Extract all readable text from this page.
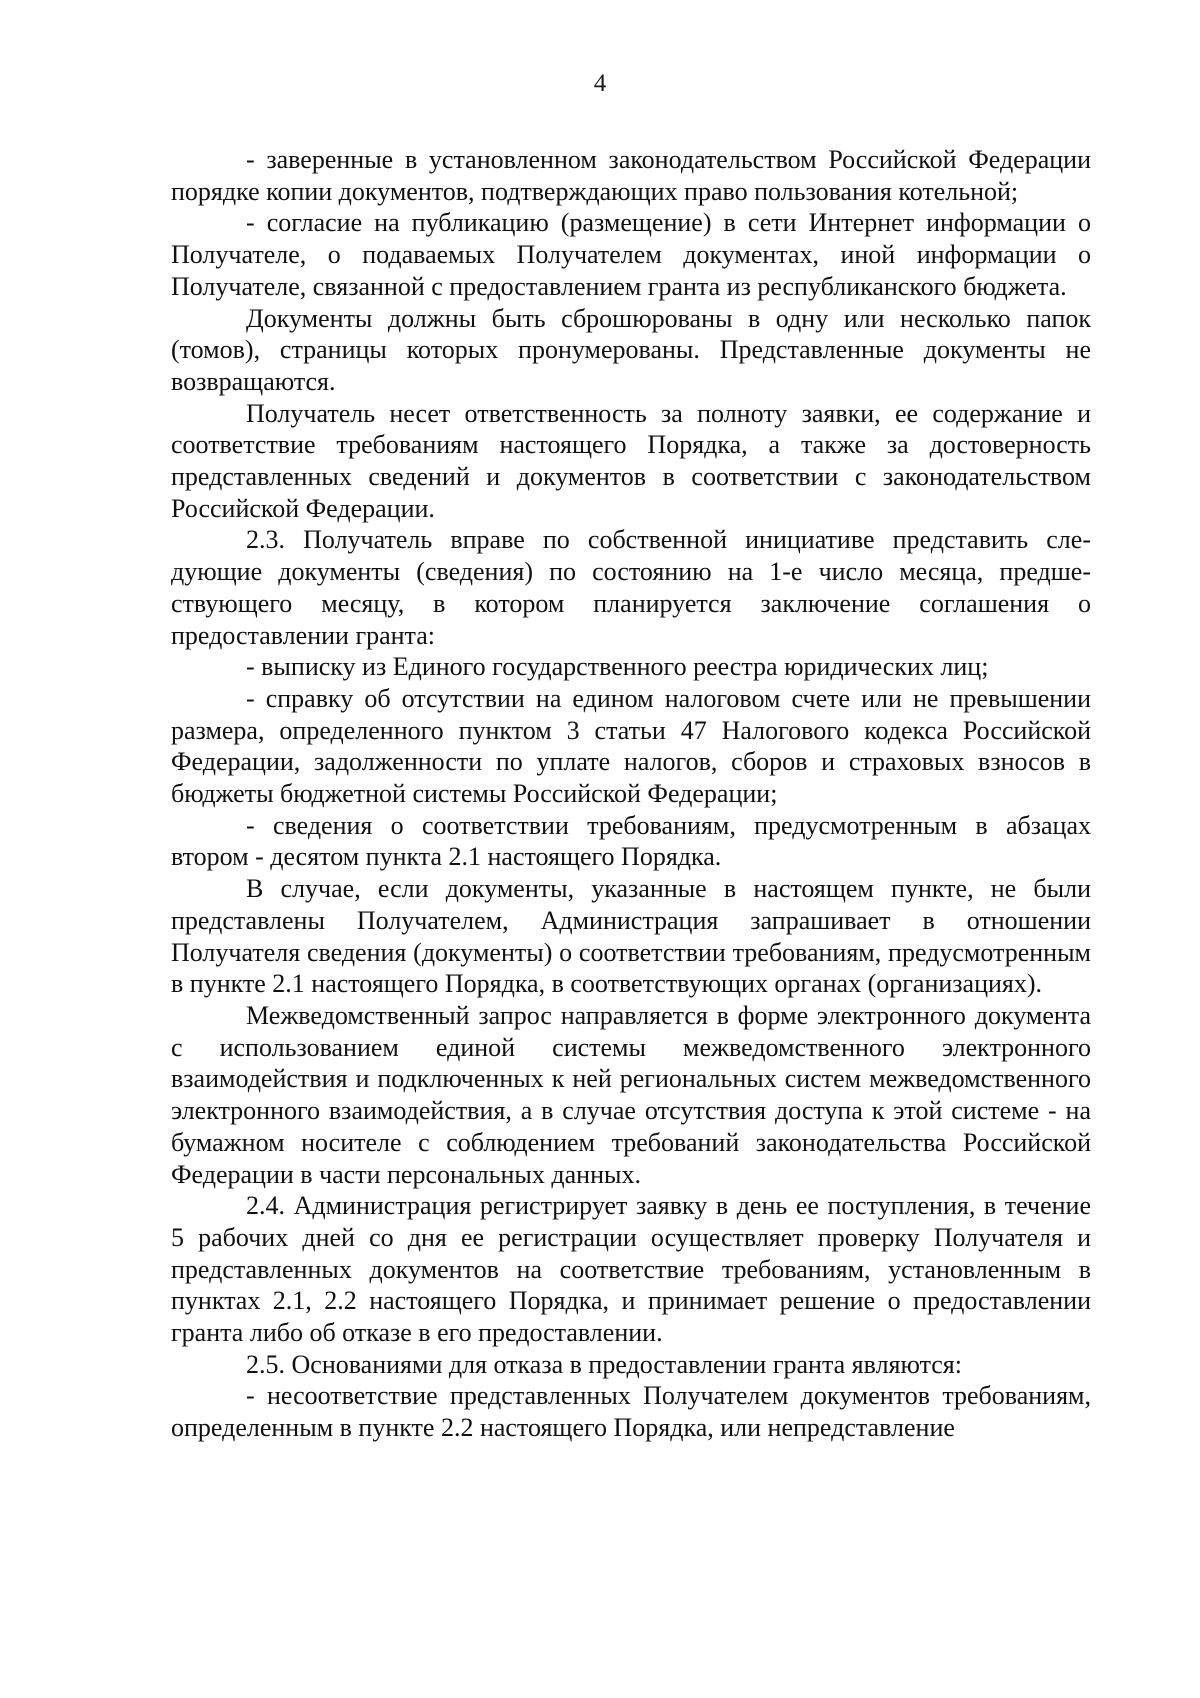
4

- заверенные в установленном законодательством Российской Федерации порядке копии документов, подтверждающих право пользования котельной;

- согласие на публикацию (размещение) в сети Интернет информации о Получателе, о подаваемых Получателем документах, иной информации о Получателе, связанной с предоставлением гранта из республиканского бюджета.

Документы должны быть сброшюрованы в одну или несколько папок (томов), страницы которых пронумерованы. Представленные документы не возвращаются.

Получатель несет ответственность за полноту заявки, ее содержание и соответствие требованиям настоящего Порядка, а также за достоверность представленных сведений и документов в соответствии с законодательством Российской Федерации.

2.3. Получатель вправе по собственной инициативе представить следующие документы (сведения) по состоянию на 1-е число месяца, предшествующего месяцу, в котором планируется заключение соглашения о предоставлении гранта:

- выписку из Единого государственного реестра юридических лиц;

- справку об отсутствии на едином налоговом счете или не превышении размера, определенного пунктом 3 статьи 47 Налогового кодекса Российской Федерации, задолженности по уплате налогов, сборов и страховых взносов в бюджеты бюджетной системы Российской Федерации;

- сведения о соответствии требованиям, предусмотренным в абзацах втором - десятом пункта 2.1 настоящего Порядка.

В случае, если документы, указанные в настоящем пункте, не были представлены Получателем, Администрация запрашивает в отношении Получателя сведения (документы) о соответствии требованиям, предусмотренным в пункте 2.1 настоящего Порядка, в соответствующих органах (организациях).

Межведомственный запрос направляется в форме электронного документа с использованием единой системы межведомственного электронного взаимодействия и подключенных к ней региональных систем межведомственного электронного взаимодействия, а в случае отсутствия доступа к этой системе - на бумажном носителе с соблюдением требований законодательства Российской Федерации в части персональных данных.

2.4. Администрация регистрирует заявку в день ее поступления, в течение 5 рабочих дней со дня ее регистрации осуществляет проверку Получателя и представленных документов на соответствие требованиям, установленным в пунктах 2.1, 2.2 настоящего Порядка, и принимает решение о предоставлении гранта либо об отказе в его предоставлении.

2.5. Основаниями для отказа в предоставлении гранта являются:

- несоответствие представленных Получателем документов требованиям, определенным в пункте 2.2 настоящего Порядка, или непредставление
